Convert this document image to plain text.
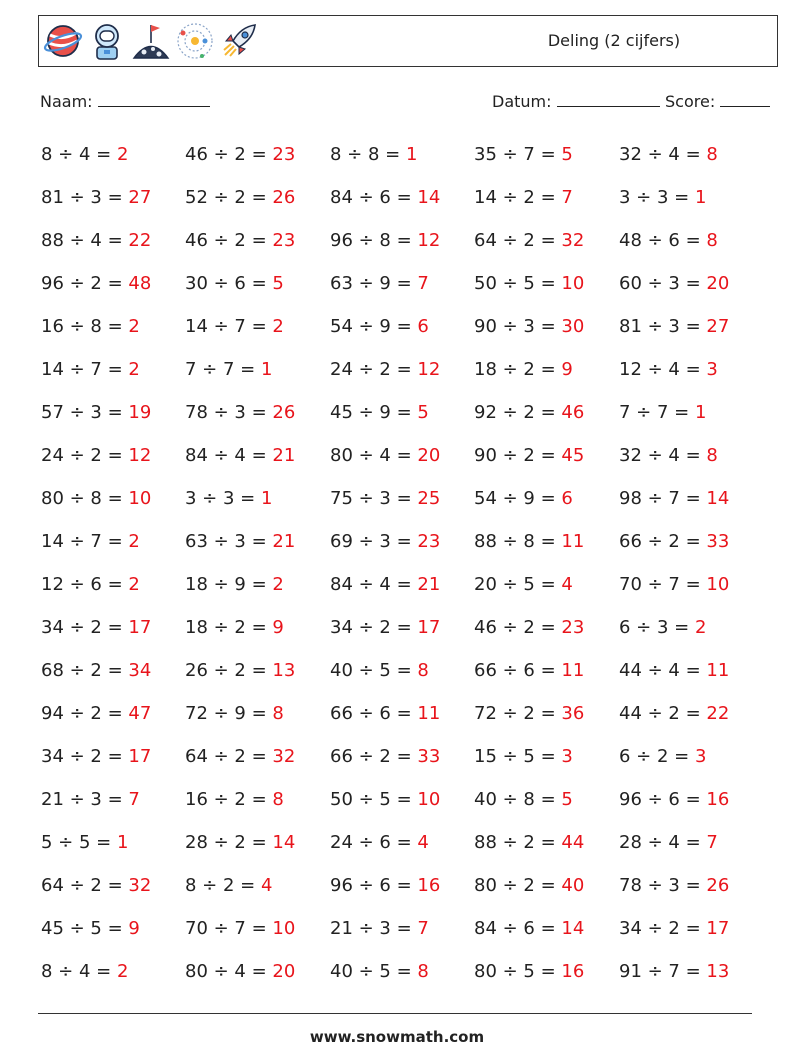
Deling (2 cijfers)
Naam:	Datum:	Score:
8 ÷ 4 = 2	46 ÷ 2 = 23 8 ÷ 8 = 1	35 ÷ 7 = 5	32 ÷ 4 = 8
81 ÷ 3 = 27 52 ÷ 2 = 26 84 ÷ 6 = 14 14 ÷ 2 = 7	3 ÷ 3 = 1
88 ÷ 4 = 22 46 ÷ 2 = 23 96 ÷ 8 = 12 64 ÷ 2 = 32 48 ÷ 6 = 8
96 ÷ 2 = 48 30 ÷ 6 = 5	63 ÷ 9 = 7	50 ÷ 5 = 10 60 ÷ 3 = 20
16 ÷ 8 = 2	14 ÷ 7 = 2	54 ÷ 9 = 6	90 ÷ 3 = 30 81 ÷ 3 = 27
14 ÷ 7 = 2	7 ÷ 7 = 1	24 ÷ 2 = 12 18 ÷ 2 = 9	12 ÷ 4 = 3
57 ÷ 3 = 19 78 ÷ 3 = 26 45 ÷ 9 = 5	92 ÷ 2 = 46 7 ÷ 7 = 1
24 ÷ 2 = 12 84 ÷ 4 = 21 80 ÷ 4 = 20 90 ÷ 2 = 45 32 ÷ 4 = 8
80 ÷ 8 = 10 3 ÷ 3 = 1	75 ÷ 3 = 25 54 ÷ 9 = 6	98 ÷ 7 = 14
14 ÷ 7 = 2	63 ÷ 3 = 21 69 ÷ 3 = 23 88 ÷ 8 = 11 66 ÷ 2 = 33
12 ÷ 6 = 2	18 ÷ 9 = 2	84 ÷ 4 = 21 20 ÷ 5 = 4	70 ÷ 7 = 10
34 ÷ 2 = 17 18 ÷ 2 = 9	34 ÷ 2 = 17 46 ÷ 2 = 23 6 ÷ 3 = 2
68 ÷ 2 = 34 26 ÷ 2 = 13 40 ÷ 5 = 8	66 ÷ 6 = 11 44 ÷ 4 = 11
94 ÷ 2 = 47 72 ÷ 9 = 8	66 ÷ 6 = 11 72 ÷ 2 = 36 44 ÷ 2 = 22
34 ÷ 2 = 17 64 ÷ 2 = 32 66 ÷ 2 = 33 15 ÷ 5 = 3	6 ÷ 2 = 3
21 ÷ 3 = 7	16 ÷ 2 = 8	50 ÷ 5 = 10 40 ÷ 8 = 5	96 ÷ 6 = 16
5 ÷ 5 = 1	28 ÷ 2 = 14 24 ÷ 6 = 4	88 ÷ 2 = 44 28 ÷ 4 = 7
64 ÷ 2 = 32 8 ÷ 2 = 4	96 ÷ 6 = 16 80 ÷ 2 = 40 78 ÷ 3 = 26
45 ÷ 5 = 9	70 ÷ 7 = 10 21 ÷ 3 = 7	84 ÷ 6 = 14 34 ÷ 2 = 17
8 ÷ 4 = 2	80 ÷ 4 = 20 40 ÷ 5 = 8	80 ÷ 5 = 16 91 ÷ 7 = 13
www.snowmath.com
